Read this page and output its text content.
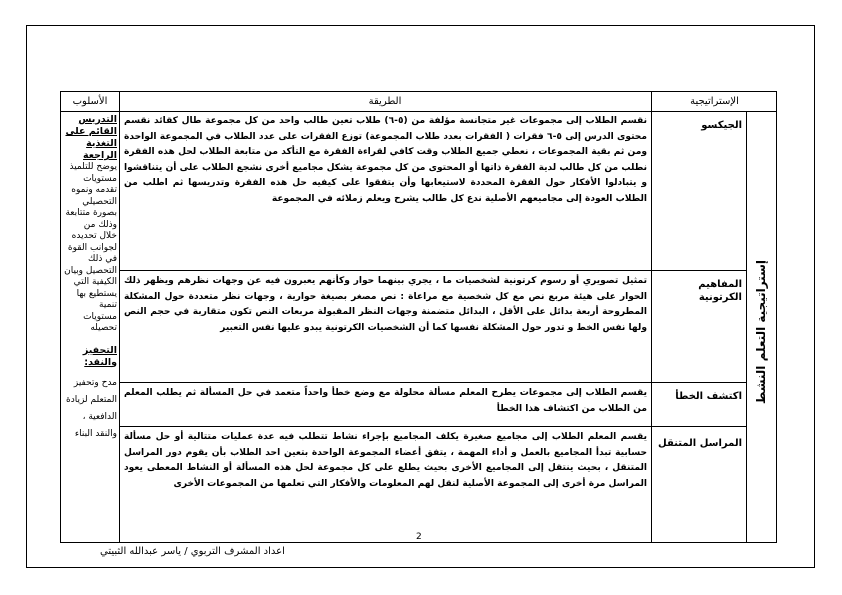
الأسلوب	الطريقة	الإستراتيجية
إستراتيجية التعلم النشط
الجيكسو
نقسم الطلاب إلى مجموعات غير متجانسة مؤلفة من (٥-٦) طلاب تعين طالب واحد من كل مجموعة طال كقائد نقسم محتوى الدرس إلى ٥-٦ فقرات ( الفقرات بعدد طلاب المجموعة) توزع الفقرات على عدد الطلاب في المجموعة الواحدة ومن ثم بقية المجموعات ، نعطي جميع الطلاب وقت كافي لقراءة الفقرة مع التأكد من متابعة الطلاب لحل هذه الفقرة نطلب من كل طالب لدية الفقرة ذاتها أو المحتوى من كل مجموعة يشكل مجاميع أخرى نشجع الطلاب على أن يتناقشوا و يتبادلوا الأفكار حول الفقرة المحددة لاستيعابها وأن يتفقوا على كيفيه حل هذه الفقرة وتدريسها ثم اطلب من الطلاب العودة إلى مجاميعهم الأصلية ندع كل طالب يشرح ويعلم زملائه في المجموعة
المفاهيم الكرتونية
تمثيل تصويري أو رسوم كرتونية لشخصيات ما ، يجري بينهما حوار وكأنهم يعبرون فيه عن وجهات نظرهم ويظهر ذلك الحوار على هيئة مربع نص مع كل شخصية مع مراعاة : نص مصغر بصيغة حوارية ، وجهات نظر متعددة حول المشكلة المطروحة أربعة بدائل على الأقل ، البدائل متضمنة وجهات النظر المقبولة مربعات النص تكون متقاربة في حجم النص ولها نفس الخط و تدور حول المشكلة نفسها كما أن الشخصيات الكرتونية يبدو عليها نفس التعبير
اكتشف الخطأ
يقسم الطلاب إلى مجموعات يطرح المعلم مسألة محلولة مع وضع خطأ واحداً متعمد في حل المسألة ثم يطلب المعلم من الطلاب من اكتشاف هذا الخطأ
المراسل المتنقل
يقسم المعلم الطلاب إلى مجاميع صغيرة يكلف المجاميع بإجراء نشاط تتطلب فيه عدة عمليات متتالية أو حل مسألة حسابية تبدأ المجاميع بالعمل و أداء المهمة ، يتفق أعضاء المجموعة الواحدة بتعين احد الطلاب بأن يقوم دور المراسل المتنقل ، بحيث ينتقل إلى المجاميع الأخرى بحيث يطلع على كل مجموعة لحل هذه المسألة أو النشاط المعطى يعود المراسل مرة أخرى إلى المجموعة الأصلية لنقل لهم المعلومات والأفكار التي تعلمها من المجموعات الأخرى
التدريس القائم على التغذية الراجعة
يوضح للتلميذ مستويات تقدمه ونموه التحصيلي بصورة متتابعة وذلك من خلال تحديده لجوانب القوة في ذلك التحصيل وبيان الكيفية التي يستطيع بها تنمية مستويات تحصيله
التحفيز والنقد:
مدح وتحفيز المتعلم لزيادة الدافعية ، والنقد البناء
2
اعداد المشرف التربوي / ياسر عبدالله الثبيتي
